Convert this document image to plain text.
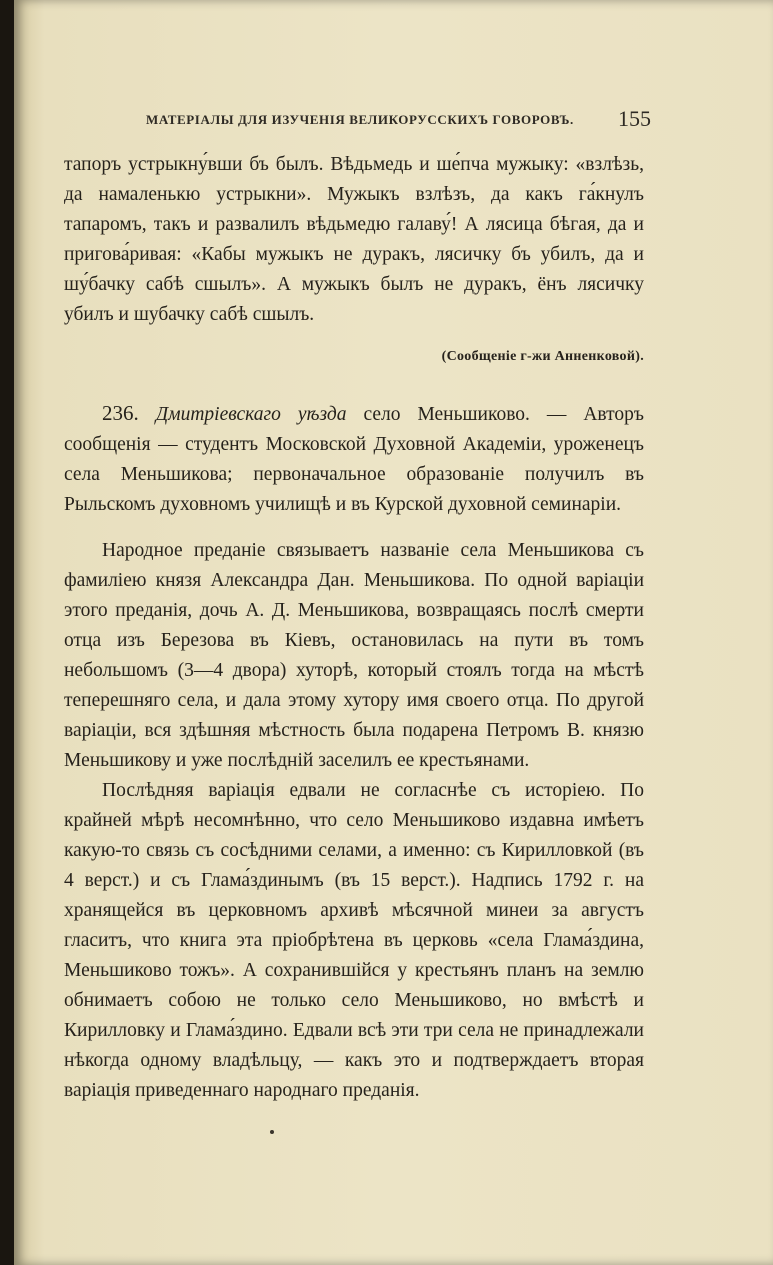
МАТЕРІАЛЫ ДЛЯ ИЗУЧЕНІЯ ВЕЛИКОРУССКИХЪ ГОВОРОВЪ. 155

тапоръ устрыкну́вши бъ былъ. Вѣдьмедь и ше́пча мужыку: «взлѣзь, да намаленькю устрыкни». Мужыкъ взлѣзъ, да какъ га́кнулъ тапаромъ, такъ и развалилъ вѣдьмедю галаву́! А лясица бѣгая, да и пригова́ривая: «Кабы мужыкъ не дуракъ, лясичку бъ убилъ, да и шу́бачку сабѣ сшылъ». А мужыкъ былъ не дуракъ, ёнъ лясичку убилъ и шубачку сабѣ сшылъ.

(Сообщеніе г-жи Анненковой).

236. Дмитріевскаго уѣзда село Меньшиково. — Авторъ сообщенія — студентъ Московской Духовной Академіи, уроженецъ села Меньшикова; первоначальное образованіе получилъ въ Рыльскомъ духовномъ училищѣ и въ Курской духовной семинаріи.

Народное преданіе связываетъ названіе села Меньшикова съ фамиліею князя Александра Дан. Меньшикова. По одной варіаціи этого преданія, дочь А. Д. Меньшикова, возвращаясь послѣ смерти отца изъ Березова въ Кіевъ, остановилась на пути въ томъ небольшомъ (3—4 двора) хуторѣ, который стоялъ тогда на мѣстѣ теперешняго села, и дала этому хутору имя своего отца. По другой варіаціи, вся здѣшняя мѣстность была подарена Петромъ В. князю Меньшикову и уже послѣдній заселилъ ее крестьянами.

Послѣдняя варіація едвали не согласнѣе съ исторіею. По крайней мѣрѣ несомнѣнно, что село Меньшиково издавна имѣетъ какую-то связь съ сосѣдними селами, а именно: съ Кирилловкой (въ 4 верст.) и съ Глама́здинымъ (въ 15 верст.). Надпись 1792 г. на хранящейся въ церковномъ архивѣ мѣсячной минеи за августъ гласитъ, что книга эта пріобрѣтена въ церковь «села Глама́здина, Меньшиково тожъ». А сохранившійся у крестьянъ планъ на землю обнимаетъ собою не только село Меньшиково, но вмѣстѣ и Кирилловку и Глама́здино. Едвали всѣ эти три села не принадлежали нѣкогда одному владѣльцу, — какъ это и подтверждаетъ вторая варіація приведеннаго народнаго преданія.
